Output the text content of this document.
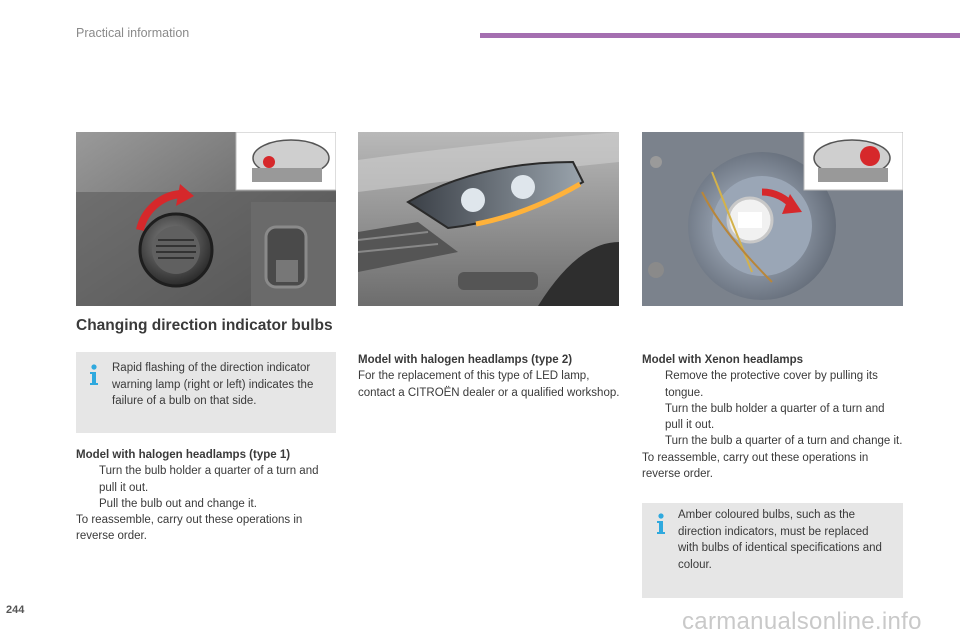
Practical information
Changing direction indicator bulbs
Rapid flashing of the direction indicator warning lamp (right or left) indicates the failure of a bulb on that side.
Model with halogen headlamps (type 1)
Turn the bulb holder a quarter of a turn and pull it out.
Pull the bulb out and change it.
To reassemble, carry out these operations in reverse order.
Model with halogen headlamps (type 2)
For the replacement of this type of LED lamp, contact a CITROËN dealer or a qualified workshop.
Model with Xenon headlamps
Remove the protective cover by pulling its tongue.
Turn the bulb holder a quarter of a turn and pull it out.
Turn the bulb a quarter of a turn and change it.
To reassemble, carry out these operations in reverse order.
Amber coloured bulbs, such as the direction indicators, must be replaced with bulbs of identical specifications and colour.
244	carmanualsonline.info
